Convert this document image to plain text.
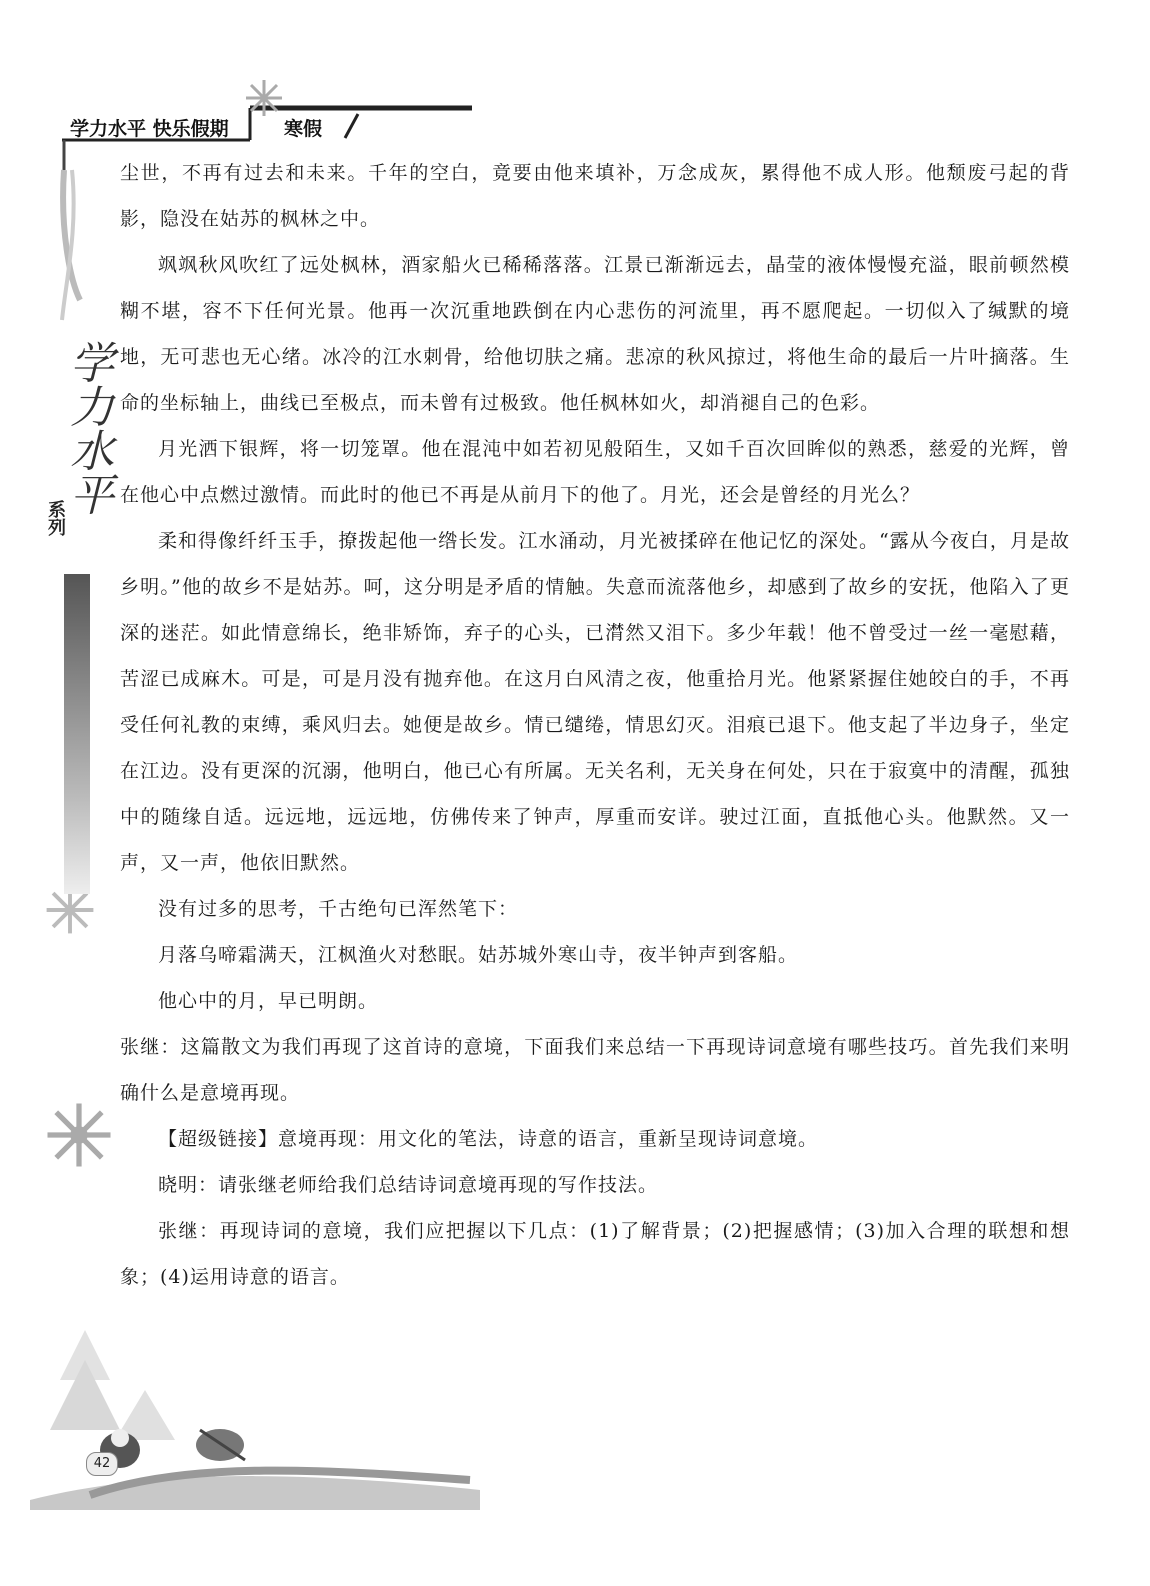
学力水平 快乐假期	寒假
学力水平
系列

尘世，不再有过去和未来。千年的空白，竟要由他来填补，万念成灰，累得他不成人形。他颓废弓起的背影，隐没在姑苏的枫林之中。

飒飒秋风吹红了远处枫林，酒家船火已稀稀落落。江景已渐渐远去，晶莹的液体慢慢充溢，眼前顿然模糊不堪，容不下任何光景。他再一次沉重地跌倒在内心悲伤的河流里，再不愿爬起。一切似入了缄默的境地，无可悲也无心绪。冰冷的江水刺骨，给他切肤之痛。悲凉的秋风掠过，将他生命的最后一片叶摘落。生命的坐标轴上，曲线已至极点，而未曾有过极致。他任枫林如火，却消褪自己的色彩。

月光洒下银辉，将一切笼罩。他在混沌中如若初见般陌生，又如千百次回眸似的熟悉，慈爱的光辉，曾在他心中点燃过激情。而此时的他已不再是从前月下的他了。月光，还会是曾经的月光么？

柔和得像纤纤玉手，撩拨起他一绺长发。江水涌动，月光被揉碎在他记忆的深处。“露从今夜白，月是故乡明。”他的故乡不是姑苏。呵，这分明是矛盾的情触。失意而流落他乡，却感到了故乡的安抚，他陷入了更深的迷茫。如此情意绵长，绝非矫饰，弃子的心头，已潸然又泪下。多少年载！他不曾受过一丝一毫慰藉，苦涩已成麻木。可是，可是月没有抛弃他。在这月白风清之夜，他重拾月光。他紧紧握住她皎白的手，不再受任何礼教的束缚，乘风归去。她便是故乡。情已缱绻，情思幻灭。泪痕已退下。他支起了半边身子，坐定在江边。没有更深的沉溺，他明白，他已心有所属。无关名利，无关身在何处，只在于寂寞中的清醒，孤独中的随缘自适。远远地，远远地，仿佛传来了钟声，厚重而安详。驶过江面，直抵他心头。他默然。又一声，又一声，他依旧默然。

没有过多的思考，千古绝句已浑然笔下：

月落乌啼霜满天，江枫渔火对愁眠。姑苏城外寒山寺，夜半钟声到客船。

他心中的月，早已明朗。

张继：这篇散文为我们再现了这首诗的意境，下面我们来总结一下再现诗词意境有哪些技巧。首先我们来明确什么是意境再现。

【超级链接】意境再现：用文化的笔法，诗意的语言，重新呈现诗词意境。

晓明：请张继老师给我们总结诗词意境再现的写作技法。

张继：再现诗词的意境，我们应把握以下几点：(1)了解背景；(2)把握感情；(3)加入合理的联想和想象；(4)运用诗意的语言。

42
